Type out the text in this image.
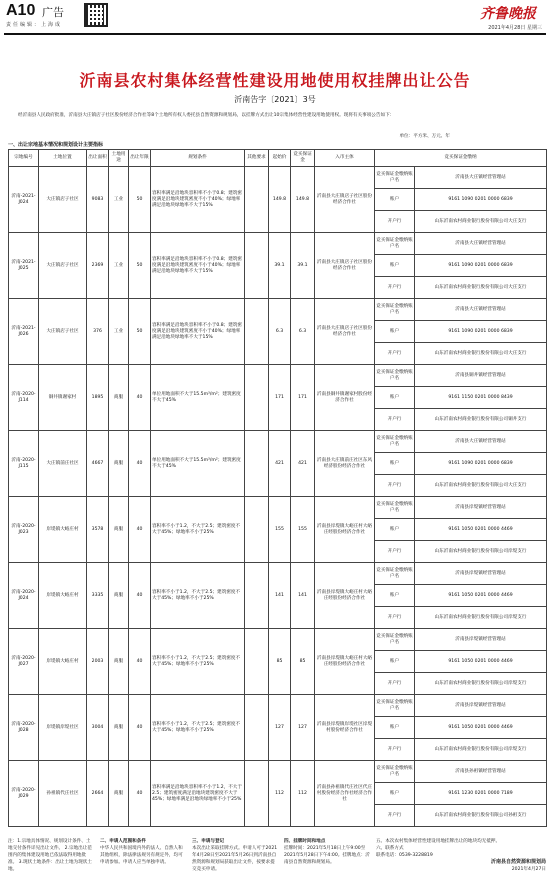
A10 广告
责任编辑：上海成
齐鲁晚报
2021年4月28日 星期三
沂南县农村集体经营性建设用地使用权挂牌出让公告
沂南告字〔2021〕3号
经沂南县人民政府批准，沂南县大庄镇店子社区股份经济合作社等8个土地所有权人委托县自然资源和规划局，以挂牌方式出让10宗集体经营性建设用地使用权。现将有关事项公告如下：
单位：平方米、万元、年
一、出让宗地基本情况和规划设计主要指标
宗地编号	土地位置	出让面积	土地用途	出让年限	规划条件	其他要求	起始价	竞买保证金	入市主体	竞买保证金缴纳	
沂南-2021-J024	大庄镇店子社区	9083	工业	50	容积率满足沿地块容积率不小于0.8；建筑密度满足沿地块建筑密度不小于40%；绿地率满足沿地块绿地率不大于15%		149.8	149.8	沂南县大庄镇店子社区股份经济合作社	竞买保证金缴纳账户名	沂南县大庄镇经营管理站
										账户	9161 1090 0201 0000 6839
										开户行	山东沂南农村商业银行股份有限公司大庄支行
沂南-2021-J025	大庄镇店子社区	2369	工业	50	容积率满足沿地块容积率不小于0.8；建筑密度满足沿地块建筑密度不小于40%；绿地率满足沿地块绿地率不大于15%		39.1	39.1	沂南县大庄镇店子社区股份经济合作社	竞买保证金缴纳账户名	沂南县大庄镇经营管理站
										账户	9161 1090 0201 0000 6839
										开户行	山东沂南农村商业银行股份有限公司大庄支行
沂南-2021-J026	大庄镇店子社区	376	工业	50	容积率满足沿地块容积率不小于0.8；建筑密度满足沿地块建筑密度不小于40%；绿地率满足沿地块绿地率不大于15%		6.3	6.3	沂南县大庄镇店子社区股份经济合作社	竞买保证金缴纳账户名	沂南县大庄镇经营管理站
										账户	9161 1090 0201 0000 6839
										开户行	山东沂南农村商业银行股份有限公司大庄支行
沂南-2020-J114	铜井镇谢家村	1895	商服	40	单位用地面积不大于15.5m³/m²；建筑密度不大于45%		171	171	沂南县铜井镇谢家村股份经济合作社	竞买保证金缴纳账户名	沂南县铜井镇经营管理站
										账户	9161 1150 0201 0000 8439
										开户行	山东沂南农村商业银行股份有限公司铜井支行
沂南-2020-J115	大庄镇前庄社区	4667	商服	40	单位用地面积不大于15.5m³/m²；建筑密度不大于45%		421	421	沂南县大庄镇前庄社区东风经济股份经济合作社	竞买保证金缴纳账户名	沂南县大庄镇经营管理站
										账户	9161 1090 0201 0000 6839
										开户行	山东沂南农村商业银行股份有限公司大庄支行
沂南-2020-J023	岸堤镇大峪庄村	3578	商服	40	容积率不小于1.2，不大于2.5；建筑密度不大于45%；绿地率不小于25%		155	155	沂南县岸堤镇大峪庄村大峪庄经股份经济合作社	竞买保证金缴纳账户名	沂南县岸堤镇经营管理站
										账户	9161 1050 0201 0000 4469
										开户行	山东沂南农村商业银行股份有限公司岸堤支行
沂南-2020-J024	岸堤镇大峪庄村	3335	商服	40	容积率不小于1.2，不大于2.5；建筑密度不大于45%；绿地率不小于25%		141	141	沂南县岸堤镇大峪庄村大峪庄经股份经济合作社	竞买保证金缴纳账户名	沂南县岸堤镇经营管理站
										账户	9161 1050 0201 0000 4469
										开户行	山东沂南农村商业银行股份有限公司岸堤支行
沂南-2020-J027	岸堤镇大峪庄村	2003	商服	40	容积率不小于1.2，不大于2.5；建筑密度不大于45%；绿地率不小于25%		85	85	沂南县岸堤镇大峪庄村大峪庄经股份经济合作社	竞买保证金缴纳账户名	沂南县岸堤镇经营管理站
										账户	9161 1050 0201 0000 4469
										开户行	山东沂南农村商业银行股份有限公司岸堤支行
沂南-2020-J028	岸堤镇岸堤社区	3004	商服	40	容积率不小于1.2，不大于2.5；建筑密度不大于45%；绿地率不小于25%		127	127	沂南县岸堤镇岸堤社区岸堤村股份经济合作社	竞买保证金缴纳账户名	沂南县岸堤镇经营管理站
										账户	9161 1050 0201 0000 4469
										开户行	山东沂南农村商业银行股份有限公司岸堤支行
沂南-2020-J029	孙祖镇代庄社区	2664	商服	40	容积率满足沿地块容积率不小于1.2，不大于2.5；建筑密度满足沿地块建筑密度不大于45%；绿地率满足沿地块绿地率不小于25%		112	112	沂南县孙祖镇代庄社区代庄村股份经济合作社经济合作社	竞买保证金缴纳账户名	沂南县孙祖镇经营管理站
										账户	9161 1230 0201 0000 7189
										开户行	山东沂南农村商业银行股份有限公司孙祖支行
注：1.宗地具体情况、规划设计条件、土地交付条件详见出让文件。 2.宗地出让范围内的集体建设用地已依法取得用地批准。 3.现状土地条件：出让土地为现状土地。
二、申请人范围和条件
中华人民共和国境内外的法人、自然人和其他组织，除法律法规另有规定外，均可申请参加。申请人应当单独申请。
三、申请与登记
本次出让采取挂牌方式。申请人可于2021年4月28日至2021年5月26日到沂南县自然资源和规划局获取出让文件，按要求提交竞买申请。
四、挂牌时间和地点
挂牌时间：2021年5月18日上午9:00至2021年5月28日下午4:00。挂牌地点：沂南县自然资源和规划局。
五、本次农村集体经营性建设用地挂牌出让的地块均无抵押。
六、联系方式
联系电话：0539-3228819
沂南县自然资源和规划局
2021年4月27日
